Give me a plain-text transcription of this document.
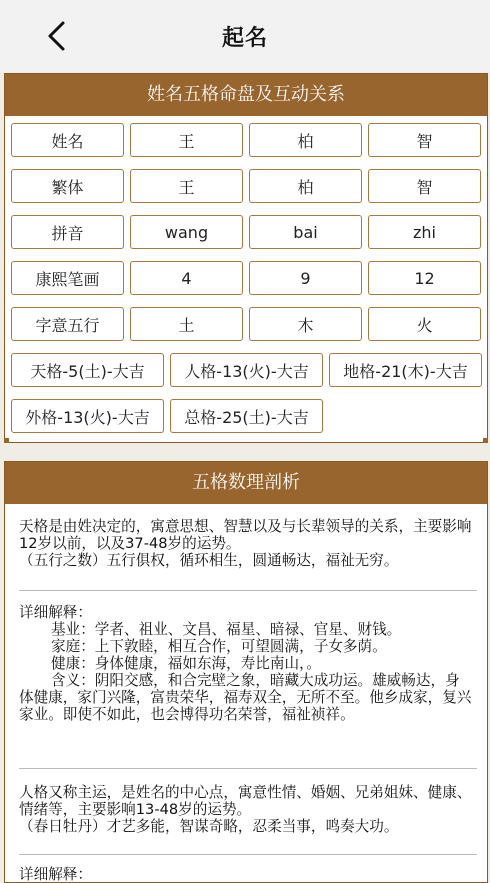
起名
姓名五格命盘及互动关系
姓名	王	柏	智
繁体	王	柏	智
拼音	wang	bai	zhi
康熙笔画	4	9	12
字意五行	土	木	火
天格-5(土)-大吉	人格-13(火)-大吉	地格-21(木)-大吉
外格-13(火)-大吉	总格-25(土)-大吉
五格数理剖析
天格是由姓决定的，寓意思想、智慧以及与长辈领导的关系，主要影响12岁以前，以及37-48岁的运势。
（五行之数）五行俱权，循环相生，圆通畅达，福祉无穷。
详细解释：
基业：学者、祖业、文昌、福星、暗禄、官星、财钱。
家庭：上下敦睦，相互合作，可望圆满，子女多荫。
健康：身体健康，福如东海，寿比南山，。
含义：阴阳交感，和合完壁之象，暗藏大成功运。雄威畅达，身体健康，家门兴隆，富贵荣华，福寿双全，无所不至。他乡成家，复兴家业。即使不如此，也会博得功名荣誉，福祉祯祥。
人格又称主运，是姓名的中心点，寓意性情、婚姻、兄弟姐妹、健康、情绪等，主要影响13-48岁的运势。
（春日牡丹）才艺多能，智谋奇略，忍柔当事，鸣奏大功。
详细解释：
